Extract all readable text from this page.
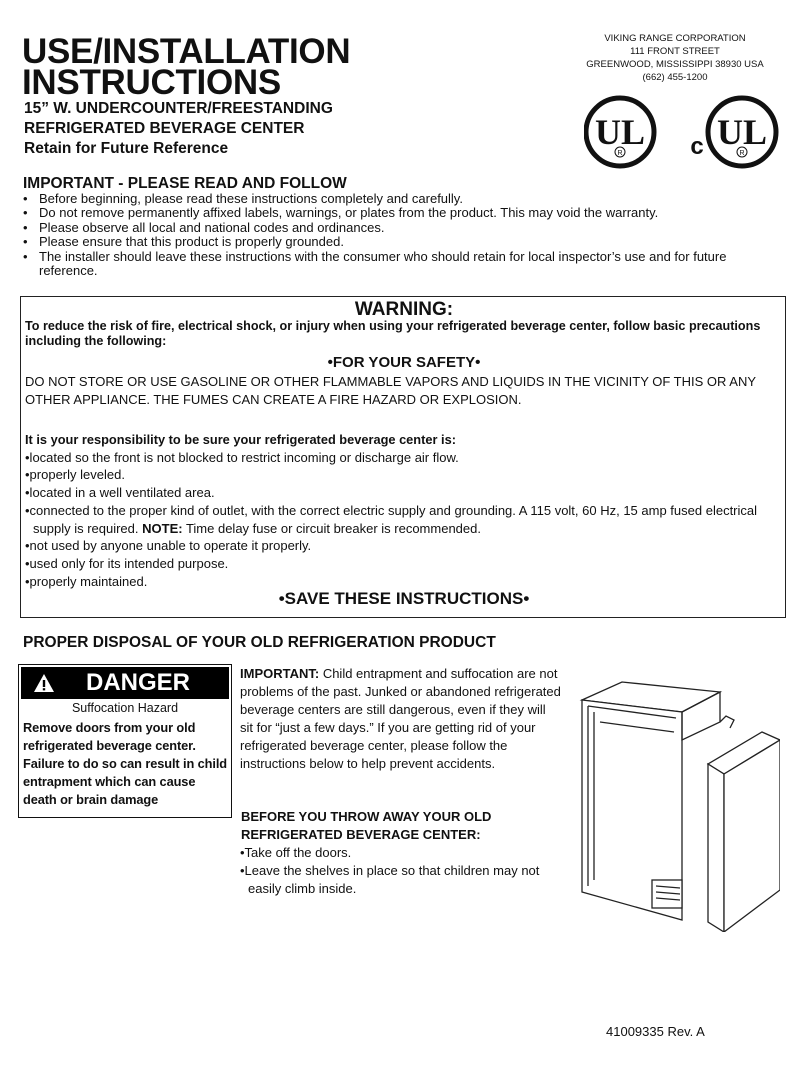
USE/INSTALLATION
INSTRUCTIONS
15” W. UNDERCOUNTER/FREESTANDING
REFRIGERATED BEVERAGE CENTER
Retain for Future Reference
VIKING RANGE CORPORATION
111 FRONT STREET
GREENWOOD, MISSISSIPPI 38930 USA
(662) 455-1200
UL
R	c UL
R
IMPORTANT - PLEASE READ AND FOLLOW
• Before beginning, please read these instructions completely and carefully.
• Do not remove permanently affixed labels, warnings, or plates from the product. This may void the warranty.
• Please observe all local and national codes and ordinances.
• Please ensure that this product is properly grounded.
• The installer should leave these instructions with the consumer who should retain for local inspector’s use and for future reference.
WARNING:
To reduce the risk of fire, electrical shock, or injury when using your refrigerated beverage center, follow basic precautions including the following:
•FOR YOUR SAFETY•
DO NOT STORE OR USE GASOLINE OR OTHER FLAMMABLE VAPORS AND LIQUIDS IN THE VICINITY OF THIS OR ANY OTHER APPLIANCE. THE FUMES CAN CREATE A FIRE HAZARD OR EXPLOSION.
It is your responsibility to be sure your refrigerated beverage center is:
•located so the front is not blocked to restrict incoming or discharge air flow.
•properly leveled.
•located in a well ventilated area.
•connected to the proper kind of outlet, with the correct electric supply and grounding. A 115 volt, 60 Hz, 15 amp fused electrical supply is required. NOTE: Time delay fuse or circuit breaker is recommended.
•not used by anyone unable to operate it properly.
•used only for its intended purpose.
•properly maintained.
•SAVE THESE INSTRUCTIONS•
PROPER DISPOSAL OF YOUR OLD REFRIGERATION PRODUCT
DANGER
Suffocation Hazard
Remove doors from your old refrigerated beverage center. Failure to do so can result in child entrapment which can cause death or brain damage
IMPORTANT: Child entrapment and suffocation are not problems of the past. Junked or abandoned refrigerated beverage centers are still dangerous, even if they will sit for “just a few days.” If you are getting rid of your refrigerated beverage center, please follow the instructions below to help prevent accidents.
BEFORE YOU THROW AWAY YOUR OLD REFRIGERATED BEVERAGE CENTER:
•Take off the doors.
•Leave the shelves in place so that children may not easily climb inside.
41009335 Rev. A
